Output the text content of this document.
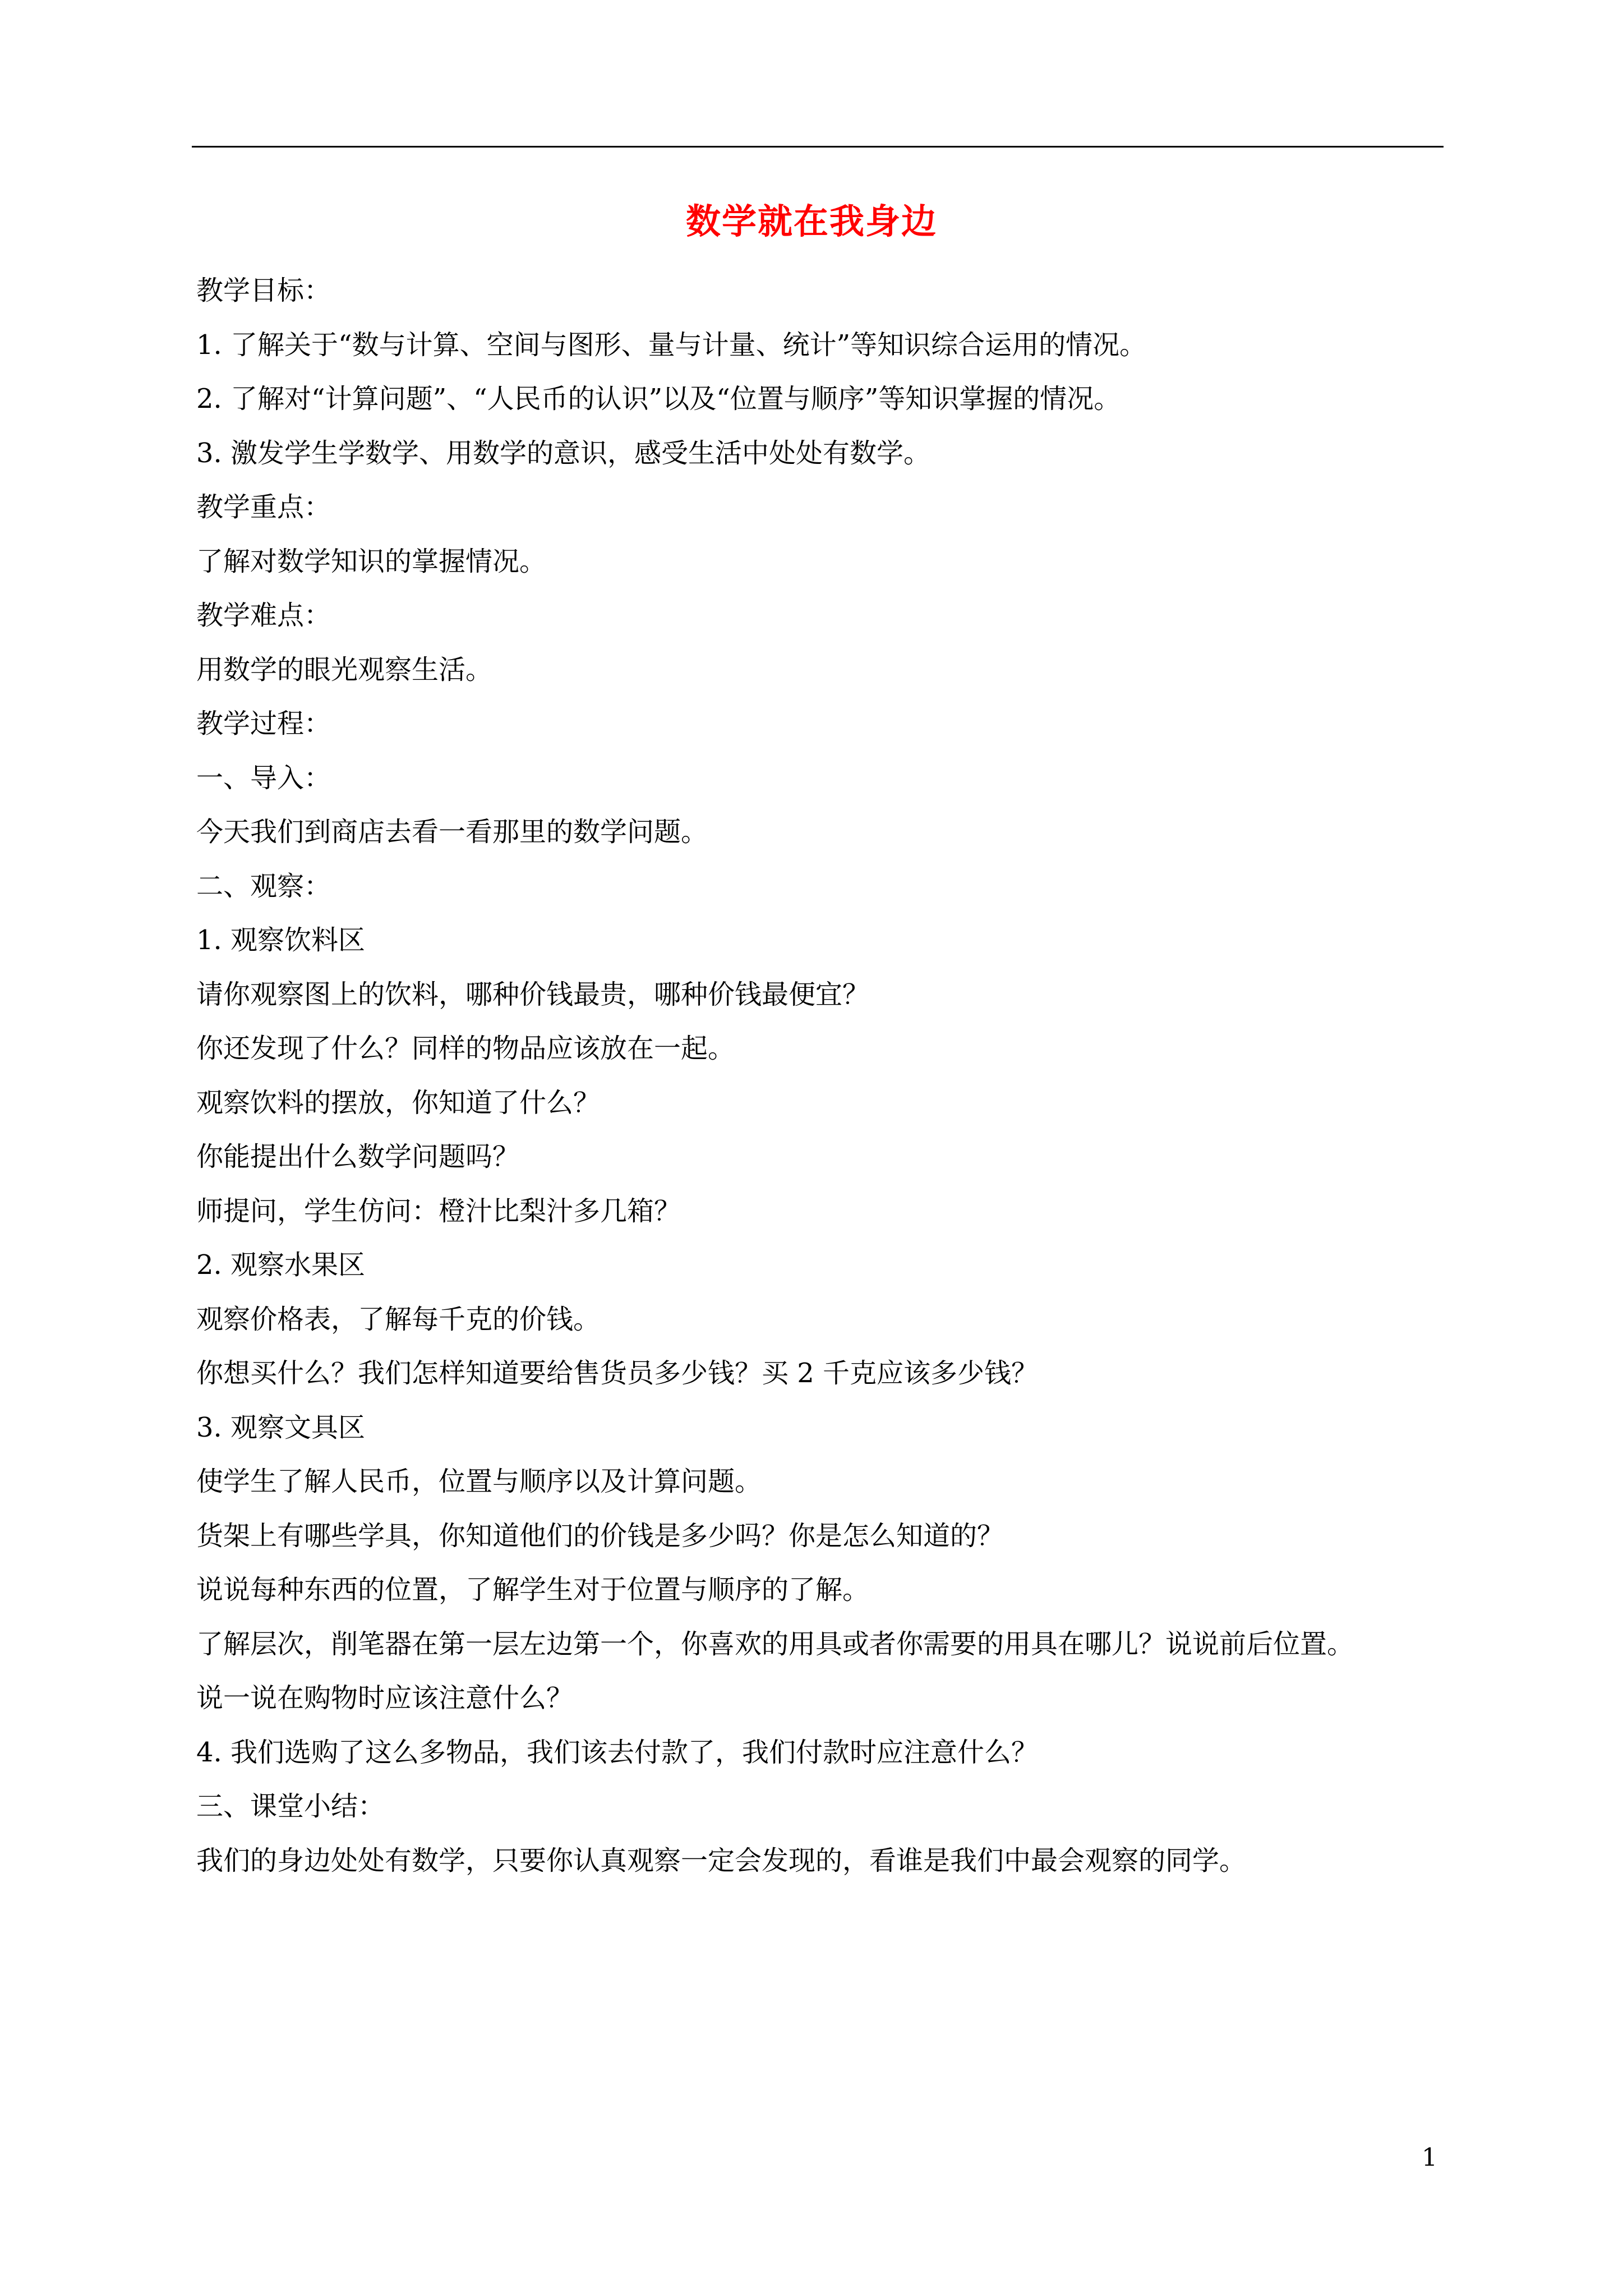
数学就在我身边
教学目标：
1. 了解关于“数与计算、空间与图形、量与计量、统计”等知识综合运用的情况。
2. 了解对“计算问题”、“人民币的认识”以及“位置与顺序”等知识掌握的情况。
3. 激发学生学数学、用数学的意识，感受生活中处处有数学。
教学重点：
了解对数学知识的掌握情况。
教学难点：
用数学的眼光观察生活。
教学过程：
一、导入：
今天我们到商店去看一看那里的数学问题。
二、观察：
1. 观察饮料区
请你观察图上的饮料，哪种价钱最贵，哪种价钱最便宜？
你还发现了什么？同样的物品应该放在一起。
观察饮料的摆放，你知道了什么？
你能提出什么数学问题吗？
师提问，学生仿问：橙汁比梨汁多几箱？
2. 观察水果区
观察价格表，了解每千克的价钱。
你想买什么？我们怎样知道要给售货员多少钱？买 2 千克应该多少钱？
3. 观察文具区
使学生了解人民币，位置与顺序以及计算问题。
货架上有哪些学具，你知道他们的价钱是多少吗？你是怎么知道的？
说说每种东西的位置，了解学生对于位置与顺序的了解。
了解层次，削笔器在第一层左边第一个，你喜欢的用具或者你需要的用具在哪儿？说说前后位置。
说一说在购物时应该注意什么？
4. 我们选购了这么多物品，我们该去付款了，我们付款时应注意什么？
三、课堂小结：
我们的身边处处有数学，只要你认真观察一定会发现的，看谁是我们中最会观察的同学。
1
